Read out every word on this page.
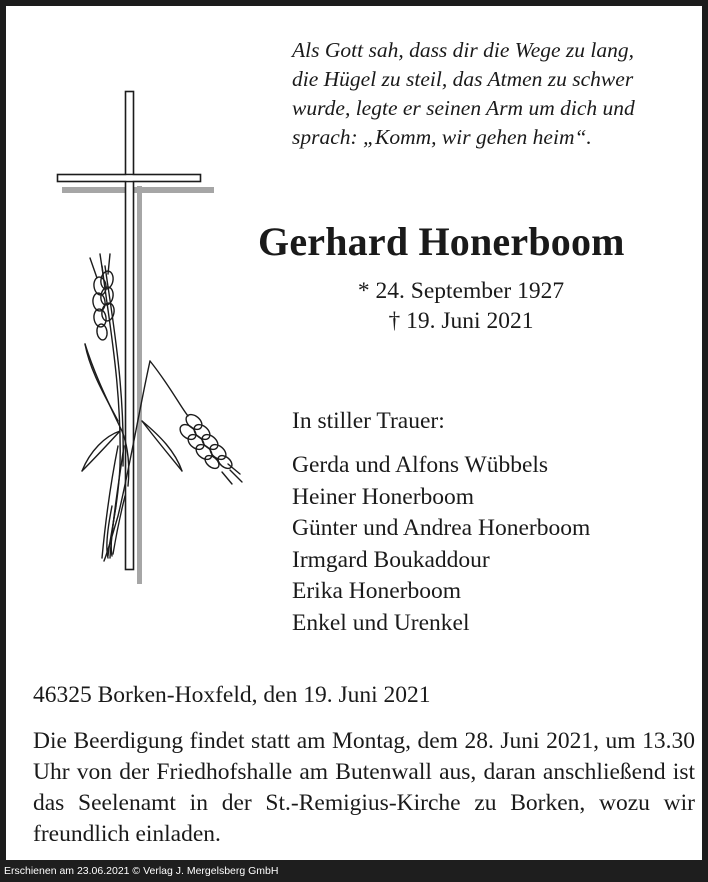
Als Gott sah, dass dir die Wege zu lang,
die Hügel zu steil, das Atmen zu schwer
wurde, legte er seinen Arm um dich und
sprach: „Komm, wir gehen heim“.
Gerhard Honerboom
* 24. September 1927
† 19. Juni 2021
In stiller Trauer:
Gerda und Alfons Wübbels
Heiner Honerboom
Günter und Andrea Honerboom
Irmgard Boukaddour
Erika Honerboom
Enkel und Urenkel
46325 Borken-Hoxfeld, den 19. Juni 2021
Die Beerdigung findet statt am Montag, dem 28. Juni 2021, um 13.30 Uhr von der Friedhofshalle am Butenwall aus, daran anschließend ist das Seelenamt in der St.-Remigius-Kirche zu Borken, wozu wir freundlich einladen.
Erschienen am 23.06.2021 © Verlag J. Mergelsberg GmbH
